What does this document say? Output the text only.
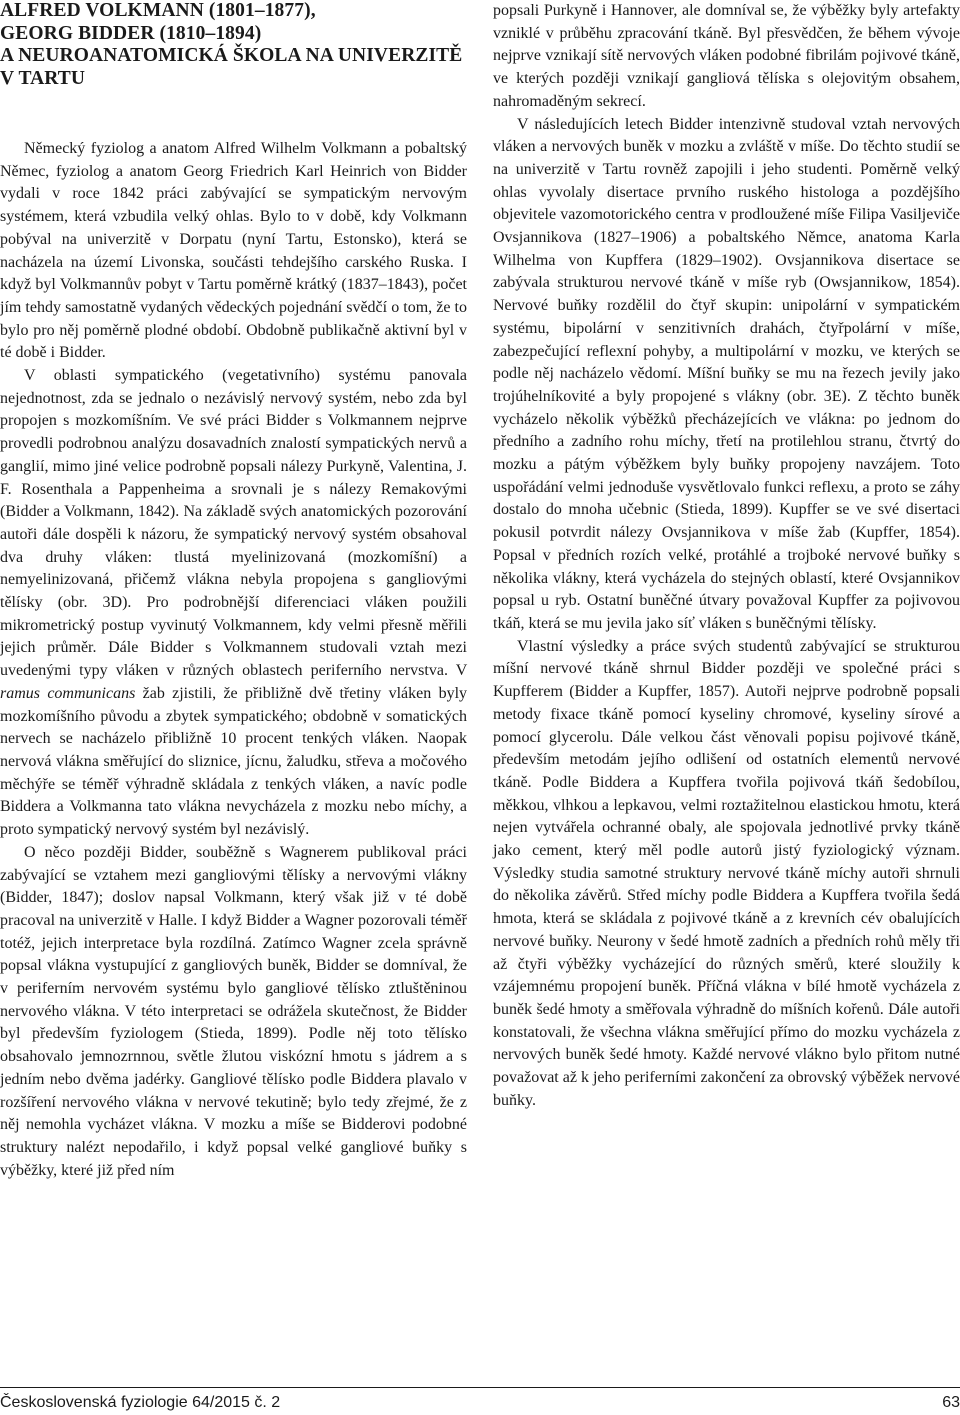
ALFRED VOLKMANN (1801–1877),
GEORG BIDDER (1810–1894)
A NEUROANATOMICKÁ ŠKOLA NA UNIVERZITĚ
V TARTU

Německý fyziolog a anatom Alfred Wilhelm Volkmann a pobaltský Němec, fyziolog a anatom Georg Friedrich Karl Heinrich von Bidder vydali v roce 1842 práci zabývající se sympatickým nervovým systémem, která vzbudila velký ohlas. Bylo to v době, kdy Volkmann pobýval na univerzitě v Dorpatu (nyní Tartu, Estonsko), která se nacházela na území Livonska, součásti tehdejšího carského Ruska. I když byl Volkmannův pobyt v Tartu poměrně krátký (1837–1843), počet jím tehdy samostatně vydaných vědeckých pojednání svědčí o tom, že to bylo pro něj poměrně plodné období. Obdobně publikačně aktivní byl v té době i Bidder.

V oblasti sympatického (vegetativního) systému panovala nejednotnost, zda se jednalo o nezávislý nervový systém, nebo zda byl propojen s mozkomíšním. Ve své práci Bidder s Volkmannem nejprve provedli podrobnou analýzu dosavadních znalostí sympatických nervů a ganglií, mimo jiné velice podrobně popsali nálezy Purkyně, Valentina, J. F. Rosenthala a Pappenheima a srovnali je s nálezy Remakovými (Bidder a Volkmann, 1842). Na základě svých anatomických pozorování autoři dále dospěli k názoru, že sympatický nervový systém obsahoval dva druhy vláken: tlustá myelinizovaná (mozkomíšní) a nemyelinizovaná, přičemž vlákna nebyla propojena s gangliovými tělísky (obr. 3D). Pro podrobnější diferenciaci vláken použili mikrometrický postup vyvinutý Volkmannem, kdy velmi přesně měřili jejich průměr. Dále Bidder s Volkmannem studovali vztah mezi uvedenými typy vláken v různých oblastech periferního nervstva. V ramus communicans žab zjistili, že přibližně dvě třetiny vláken byly mozkomíšního původu a zbytek sympatického; obdobně v somatických nervech se nacházelo přibližně 10 procent tenkých vláken. Naopak nervová vlákna směřující do sliznice, jícnu, žaludku, střeva a močového měchýře se téměř výhradně skládala z tenkých vláken, a navíc podle Biddera a Volkmanna tato vlákna nevycházela z mozku nebo míchy, a proto sympatický nervový systém byl nezávislý.

O něco později Bidder, souběžně s Wagnerem publikoval práci zabývající se vztahem mezi gangliovými tělísky a nervovými vlákny (Bidder, 1847); doslov napsal Volkmann, který však již v té době pracoval na univerzitě v Halle. I když Bidder a Wagner pozorovali téměř totéž, jejich interpretace byla rozdílná. Zatímco Wagner zcela správně popsal vlákna vystupující z gangliových buněk, Bidder se domníval, že v periferním nervovém systému bylo gangliové tělísko ztluštěninou nervového vlákna. V této interpretaci se odrážela skutečnost, že Bidder byl především fyziologem (Stieda, 1899). Podle něj toto tělísko obsahovalo jemnozrnnou, světle žlutou viskózní hmotu s jádrem a s jedním nebo dvěma jadérky. Gangliové tělísko podle Biddera plavalo v rozšíření nervového vlákna v nervové tekutině; bylo tedy zřejmé, že z něj nemohla vycházet vlákna. V mozku a míše se Bidderovi podobné struktury nalézt nepodařilo, i když popsal velké gangliové buňky s výběžky, které již před ním

popsali Purkyně i Hannover, ale domníval se, že výběžky byly artefakty vzniklé v průběhu zpracování tkáně. Byl přesvědčen, že během vývoje nejprve vznikají sítě nervových vláken podobné fibrilám pojivové tkáně, ve kterých později vznikají gangliová tělíska s olejovitým obsahem, nahromaděným sekrecí.

V následujících letech Bidder intenzivně studoval vztah nervových vláken a nervových buněk v mozku a zvláště v míše. Do těchto studií se na univerzitě v Tartu rovněž zapojili i jeho studenti. Poměrně velký ohlas vyvolaly disertace prvního ruského histologa a pozdějšího objevitele vazomotorického centra v prodloužené míše Filipa Vasiljeviče Ovsjannikova (1827–1906) a pobaltského Němce, anatoma Karla Wilhelma von Kupffera (1829–1902). Ovsjannikova disertace se zabývala strukturou nervové tkáně v míše ryb (Owsjannikow, 1854). Nervové buňky rozdělil do čtyř skupin: unipolární v sympatickém systému, bipolární v senzitivních drahách, čtyřpolární v míše, zabezpečující reflexní pohyby, a multipolární v mozku, ve kterých se podle něj nacházelo vědomí. Míšní buňky se mu na řezech jevily jako trojúhelníkovité a byly propojené s vlákny (obr. 3E). Z těchto buněk vycházelo několik výběžků přecházejících ve vlákna: po jednom do předního a zadního rohu míchy, třetí na protilehlou stranu, čtvrtý do mozku a pátým výběžkem byly buňky propojeny navzájem. Toto uspořádání velmi jednoduše vysvětlovalo funkci reflexu, a proto se záhy dostalo do mnoha učebnic (Stieda, 1899). Kupffer se ve své disertaci pokusil potvrdit nálezy Ovsjannikova v míše žab (Kupffer, 1854). Popsal v předních rozích velké, protáhlé a trojboké nervové buňky s několika vlákny, která vycházela do stejných oblastí, které Ovsjannikov popsal u ryb. Ostatní buněčné útvary považoval Kupffer za pojivovou tkáň, která se mu jevila jako síť vláken s buněčnými tělísky.

Vlastní výsledky a práce svých studentů zabývající se strukturou míšní nervové tkáně shrnul Bidder později ve společné práci s Kupfferem (Bidder a Kupffer, 1857). Autoři nejprve podrobně popsali metody fixace tkáně pomocí kyseliny chromové, kyseliny sírové a pomocí glycerolu. Dále velkou část věnovali popisu pojivové tkáně, především metodám jejího odlišení od ostatních elementů nervové tkáně. Podle Biddera a Kupffera tvořila pojivová tkáň šedobílou, měkkou, vlhkou a lepkavou, velmi roztažitelnou elastickou hmotu, která nejen vytvářela ochranné obaly, ale spojovala jednotlivé prvky tkáně jako cement, který měl podle autorů jistý fyziologický význam. Výsledky studia samotné struktury nervové tkáně míchy autoři shrnuli do několika závěrů. Střed míchy podle Biddera a Kupffera tvořila šedá hmota, která se skládala z pojivové tkáně a z krevních cév obalujících nervové buňky. Neurony v šedé hmotě zadních a předních rohů měly tři až čtyři výběžky vycházející do různých směrů, které sloužily k vzájemnému propojení buněk. Příčná vlákna v bílé hmotě vycházela z buněk šedé hmoty a směřovala výhradně do míšních kořenů. Dále autoři konstatovali, že všechna vlákna směřující přímo do mozku vycházela z nervových buněk šedé hmoty. Každé nervové vlákno bylo přitom nutné považovat až k jeho periferními zakončení za obrovský výběžek nervové buňky.

Československá fyziologie 64/2015 č. 2	63
